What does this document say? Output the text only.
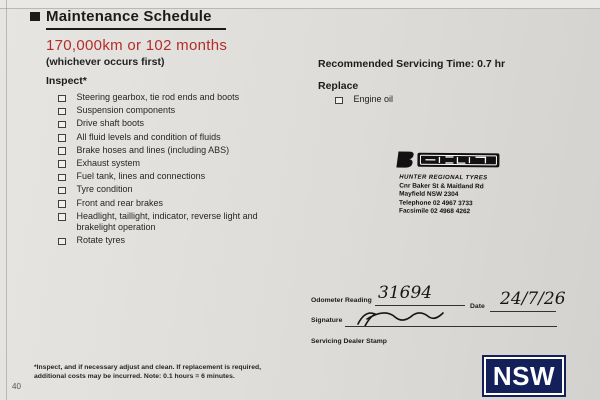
Maintenance Schedule
170,000km or 102 months
(whichever occurs first)
Inspect*
Steering gearbox, tie rod ends and boots
Suspension components
Drive shaft boots
All fluid levels and condition of fluids
Brake hoses and lines (including ABS)
Exhaust system
Fuel tank, lines and connections
Tyre condition
Front and rear brakes
Headlight, taillight, indicator, reverse light and brakelight operation
Rotate tyres
Recommended Servicing Time: 0.7 hr
Replace
Engine oil
HUNTER REGIONAL TYRES
Cnr Baker St & Maitland Rd
Mayfield NSW 2304
Telephone 02 4967 3733
Facsimile 02 4968 4262
Odometer Reading 31694
Date 24/7/26
Signature
Servicing Dealer Stamp
*Inspect, and if necessary adjust and clean. If replacement is required, additional costs may be incurred. Note: 0.1 hours = 6 minutes.
40	NSW
